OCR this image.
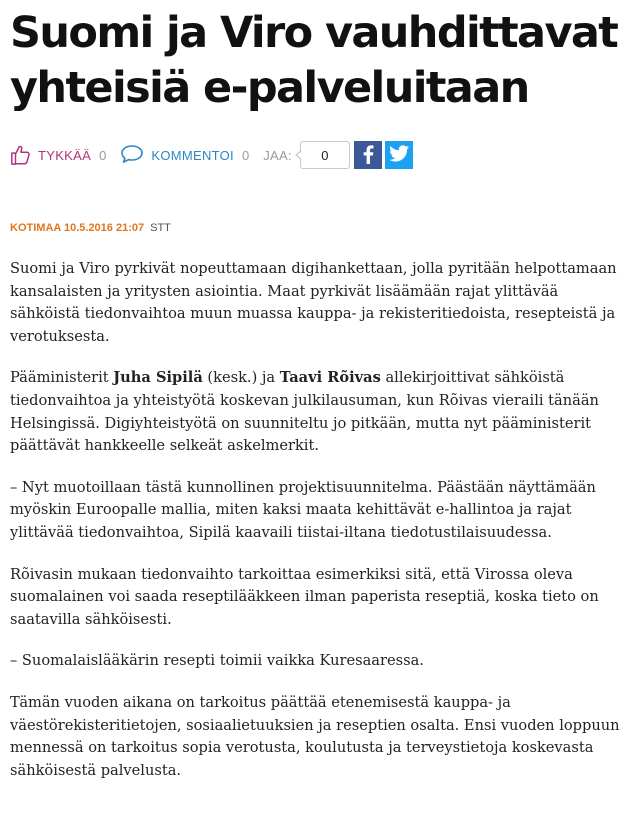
Suomi ja Viro vauhdittavat
yhteisiä e-palveluitaan
TYKKÄÄ 0	KOMMENTOI 0 JAA: 0
KOTIMAA 10.5.2016 21:07 STT

Suomi ja Viro pyrkivät nopeuttamaan digihankettaan, jolla pyritään helpottamaan kansalaisten ja yritysten asiointia. Maat pyrkivät lisäämään rajat ylittävää sähköistä tiedonvaihtoa muun muassa kauppa- ja rekisteritiedoista, resepteistä ja verotuksesta.

Pääministerit Juha Sipilä (kesk.) ja Taavi Rõivas allekirjoittivat sähköistä tiedonvaihtoa ja yhteistyötä koskevan julkilausuman, kun Rõivas vieraili tänään Helsingissä. Digiyhteistyötä on suunniteltu jo pitkään, mutta nyt pääministerit päättävät hankkeelle selkeät askelmerkit.

– Nyt muotoillaan tästä kunnollinen projektisuunnitelma. Päästään näyttämään myöskin Euroopalle mallia, miten kaksi maata kehittävät e-hallintoa ja rajat ylittävää tiedonvaihtoa, Sipilä kaavaili tiistai-iltana tiedotustilaisuudessa.

Rõivasin mukaan tiedonvaihto tarkoittaa esimerkiksi sitä, että Virossa oleva suomalainen voi saada reseptilääkkeen ilman paperista reseptiä, koska tieto on saatavilla sähköisesti.

– Suomalaislääkärin resepti toimii vaikka Kuresaaressa.

Tämän vuoden aikana on tarkoitus päättää etenemisestä kauppa- ja väestörekisteritietojen, sosiaalietuuksien ja reseptien osalta. Ensi vuoden loppuun mennessä on tarkoitus sopia verotusta, koulutusta ja terveystietoja koskevasta sähköisestä palvelusta.
